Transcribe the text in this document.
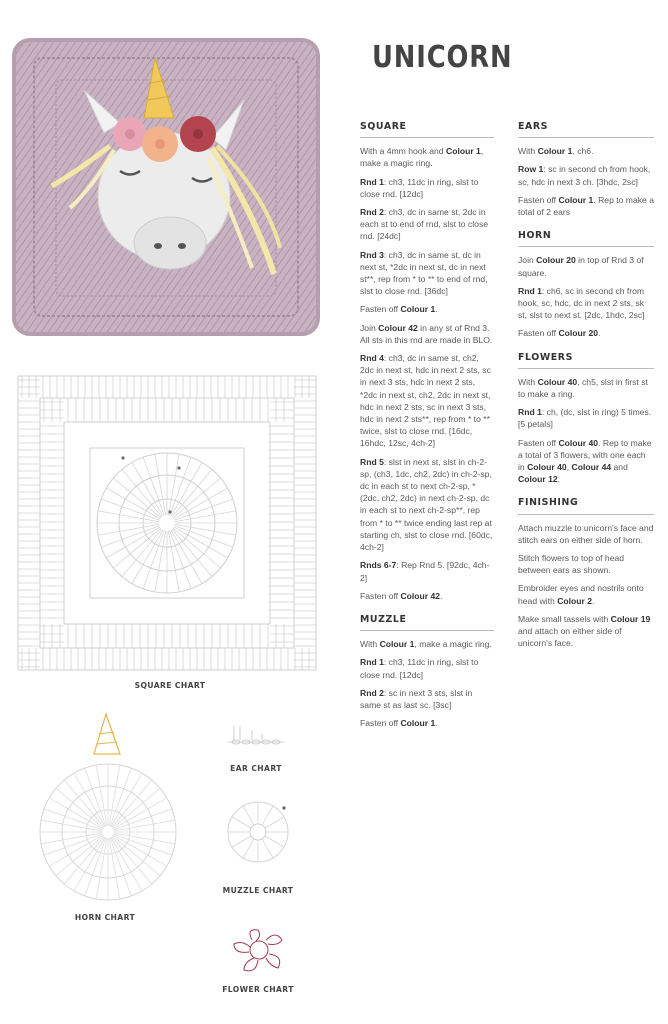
SQUARE CHART
HORN CHART
EAR CHART
MUZZLE CHART
FLOWER CHART
UNICORN
SQUARE

With a 4mm hook and Colour 1, make a magic ring.

Rnd 1: ch3, 11dc in ring, slst to close rnd. [12dc]

Rnd 2: ch3, dc in same st, 2dc in each st to end of rnd, slst to close rnd. [24dc]

Rnd 3: ch3, dc in same st, dc in next st, *2dc in next st, dc in next st**, rep from * to ** to end of rnd, slst to close rnd. [36dc]

Fasten off Colour 1.

Join Colour 42 in any st of Rnd 3. All sts in this rnd are made in BLO.

Rnd 4: ch3, dc in same st, ch2, 2dc in next st, hdc in next 2 sts, sc in next 3 sts, hdc in next 2 sts, *2dc in next st, ch2, 2dc in next st, hdc in next 2 sts, sc in next 3 sts, hdc in next 2 sts**, rep from * to ** twice, slst to close rnd. [16dc, 16hdc, 12sc, 4ch-2]

Rnd 5: slst in next st, slst in ch-2-sp, (ch3, 1dc, ch2, 2dc) in ch-2-sp, dc in each st to next ch-2-sp, *(2dc, ch2, 2dc) in next ch-2-sp, dc in each st to next ch-2-sp**, rep from * to ** twice ending last rep at starting ch, slst to close rnd. [60dc, 4ch-2]

Rnds 6-7: Rep Rnd 5. [92dc, 4ch-2]

Fasten off Colour 42.

MUZZLE

With Colour 1, make a magic ring.

Rnd 1: ch3, 11dc in ring, slst to close rnd. [12dc]

Rnd 2: sc in next 3 sts, slst in same st as last sc. [3sc]

Fasten off Colour 1.

EARS

With Colour 1, ch6.

Row 1: sc in second ch from hook, sc, hdc in next 3 ch. [3hdc, 2sc]

Fasten off Colour 1. Rep to make a total of 2 ears

HORN

Join Colour 20 in top of Rnd 3 of square.

Rnd 1: ch6, sc in second ch from hook, sc, hdc, dc in next 2 sts, sk st, slst to next st. [2dc, 1hdc, 2sc]

Fasten off Colour 20.

FLOWERS

With Colour 40, ch5, slst in first st to make a ring.

Rnd 1: ch, (dc, slst in ring) 5 times. [5 petals]

Fasten off Colour 40. Rep to make a total of 3 flowers, with one each in Colour 40, Colour 44 and Colour 12.

FINISHING

Attach muzzle to unicorn's face and stitch ears on either side of horn.

Stitch flowers to top of head between ears as shown.

Embroider eyes and nostrils onto head with Colour 2.

Make small tassels with Colour 19 and attach on either side of unicorn's face.
